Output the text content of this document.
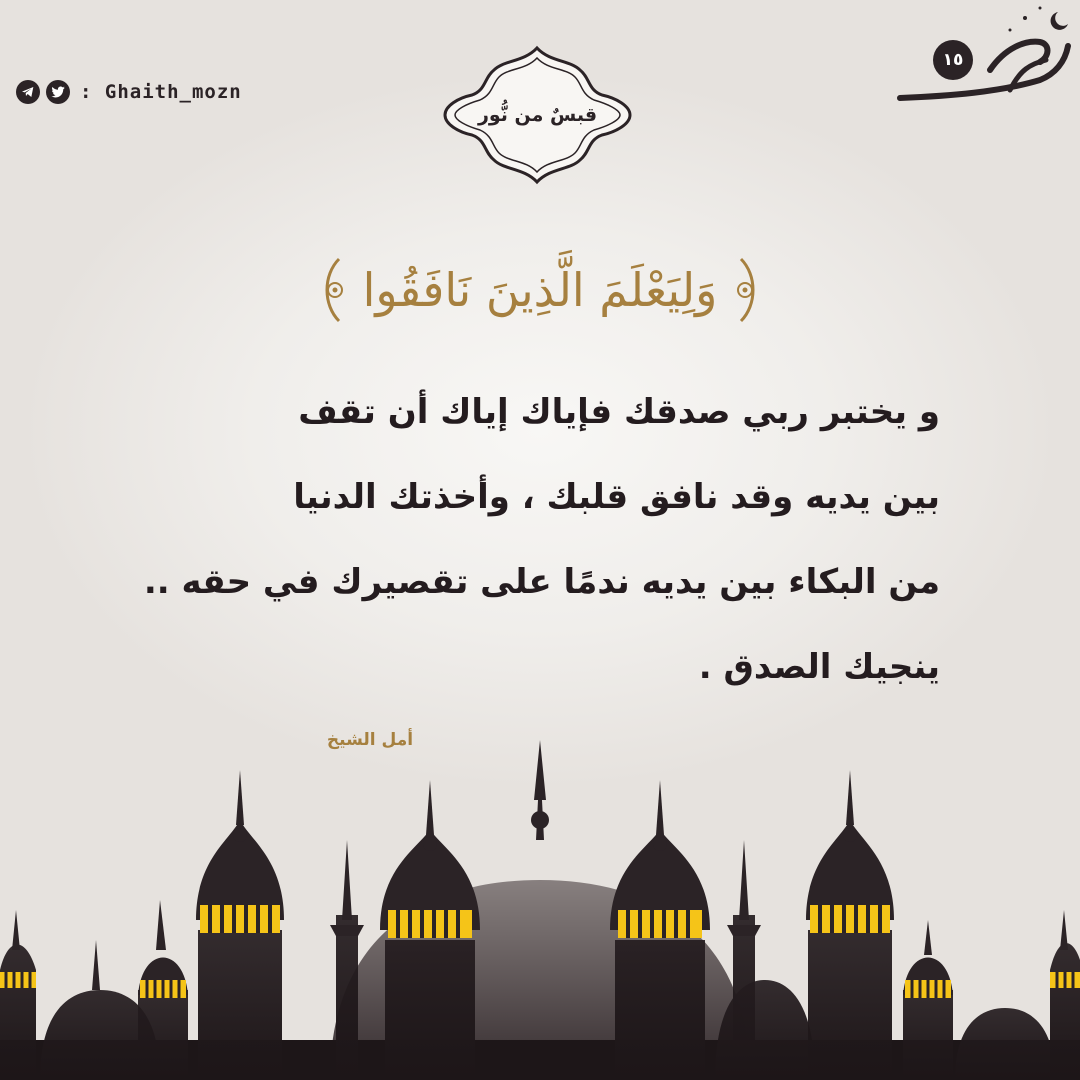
: Ghaith_mozn
قبسٌ من نُّور
١٥
وَلِيَعْلَمَ الَّذِينَ نَافَقُوا
و يختبر ربي صدقك فإياك إياك أن تقف
بين يديه وقد نافق قلبك ، وأخذتك الدنيا
من البكاء بين يديه ندمًا على تقصيرك في حقه ..
ينجيك الصدق .
أمل الشيخ
